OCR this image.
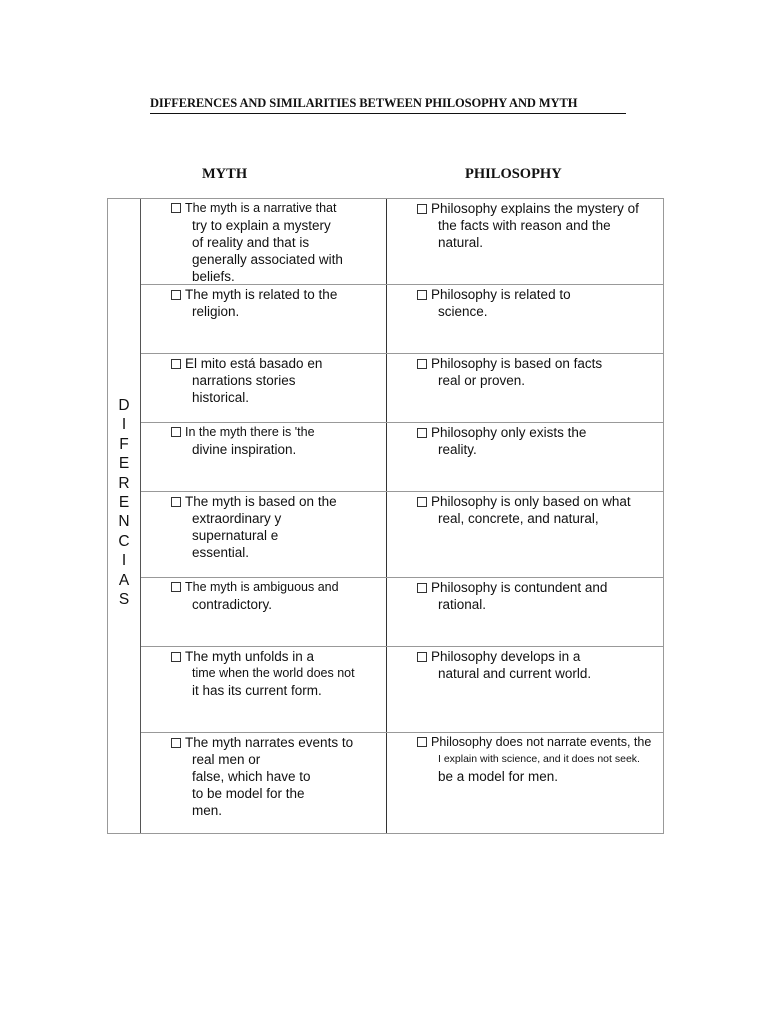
DIFFERENCES AND SIMILARITIES BETWEEN PHILOSOPHY AND MYTH
MYTH	PHILOSOPHY
D
I
F
E
R
E
N
C
I
A
S
The myth is a narrative that
try to explain a mystery
of reality and that is
generally associated with
beliefs.
Philosophy explains the mystery of
the facts with reason and the
natural.
The myth is related to the
religion.
Philosophy is related to
science.
El mito está basado en
narrations stories
historical.
Philosophy is based on facts
real or proven.
In the myth there is 'the
divine inspiration.
Philosophy only exists the
reality.
The myth is based on the
extraordinary y
supernatural e
essential.
Philosophy is only based on what
real, concrete, and natural,
The myth is ambiguous and
contradictory.
Philosophy is contundent and
rational.
The myth unfolds in a
time when the world does not
it has its current form.
Philosophy develops in a
natural and current world.
The myth narrates events to
real men or
false, which have to
to be model for the
men.
Philosophy does not narrate events, the
I explain with science, and it does not seek.
be a model for men.
